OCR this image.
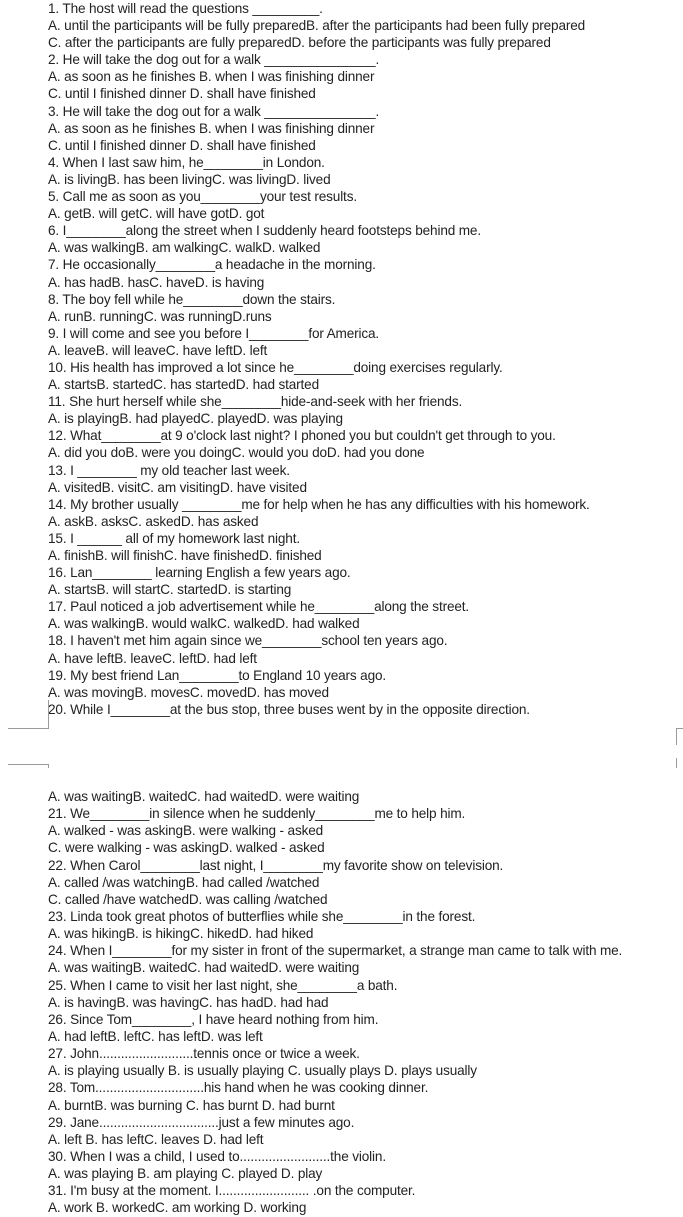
1. The host will read the questions _________.
A. until the participants will be fully preparedB. after the participants had been fully prepared
C. after the participants are fully preparedD. before the participants was fully prepared
2. He will take the dog out for a walk _______________.
A. as soon as he finishes B. when I was finishing dinner
C. until I finished dinner D. shall have finished
3. He will take the dog out for a walk _______________.
A. as soon as he finishes B. when I was finishing dinner
C. until I finished dinner D. shall have finished
4. When I last saw him, he________in London.
A. is livingB. has been livingC. was livingD. lived
5. Call me as soon as you________your test results.
A. getB. will getC. will have gotD. got
6. I________along the street when I suddenly heard footsteps behind me.
A. was walkingB. am walkingC. walkD. walked
7. He occasionally________a headache in the morning.
A. has hadB. hasC. haveD. is having
8. The boy fell while he________down the stairs.
A. runB. runningC. was runningD.runs
9. I will come and see you before I________for America.
A. leaveB. will leaveC. have leftD. left
10. His health has improved a lot since he________doing exercises regularly.
A. startsB. startedC. has startedD. had started
11. She hurt herself while she________hide-and-seek with her friends.
A. is playingB. had playedC. playedD. was playing
12. What________at 9 o'clock last night? I phoned you but couldn't get through to you.
A. did you doB. were you doingC. would you doD. had you done
13. I ________ my old teacher last week.
A. visitedB. visitC. am visitingD. have visited
14. My brother usually ________me for help when he has any difficulties with his homework.
A. askB. asksC. askedD. has asked
15. I ______ all of my homework last night.
A. finishB. will finishC. have finishedD. finished
16. Lan________ learning English a few years ago.
A. startsB. will startC. startedD. is starting
17. Paul noticed a job advertisement while he________along the street.
A. was walkingB. would walkC. walkedD. had walked
18. I haven't met him again since we________school ten years ago.
A. have leftB. leaveC. leftD. had left
19. My best friend Lan________to England 10 years ago.
A. was movingB. movesC. movedD. has moved
20. While I________at the bus stop, three buses went by in the opposite direction.
A. was waitingB. waitedC. had waitedD. were waiting
21. We________in silence when he suddenly________me to help him.
A. walked - was askingB. were walking - asked
C. were walking - was askingD. walked - asked
22. When Carol________last night, I________my favorite show on television.
A. called /was watchingB. had called /watched
C. called /have watchedD. was calling /watched
23. Linda took great photos of butterflies while she________in the forest.
A. was hikingB. is hikingC. hikedD. had hiked
24. When I________for my sister in front of the supermarket, a strange man came to talk with me.
A. was waitingB. waitedC. had waitedD. were waiting
25. When I came to visit her last night, she________a bath.
A. is havingB. was havingC. has hadD. had had
26. Since Tom________, I have heard nothing from him.
A. had leftB. leftC. has leftD. was left
27. John..........................tennis once or twice a week.
A. is playing usually B. is usually playing C. usually plays D. plays usually
28. Tom..............................his hand when he was cooking dinner.
A. burntB. was burning C. has burnt D. had burnt
29. Jane.................................just a few minutes ago.
A. left B. has leftC. leaves D. had left
30. When I was a child, I used to.........................the violin.
A. was playing B. am playing C. played D. play
31. I'm busy at the moment. I......................... .on the computer.
A. work B. workedC. am working D. working
